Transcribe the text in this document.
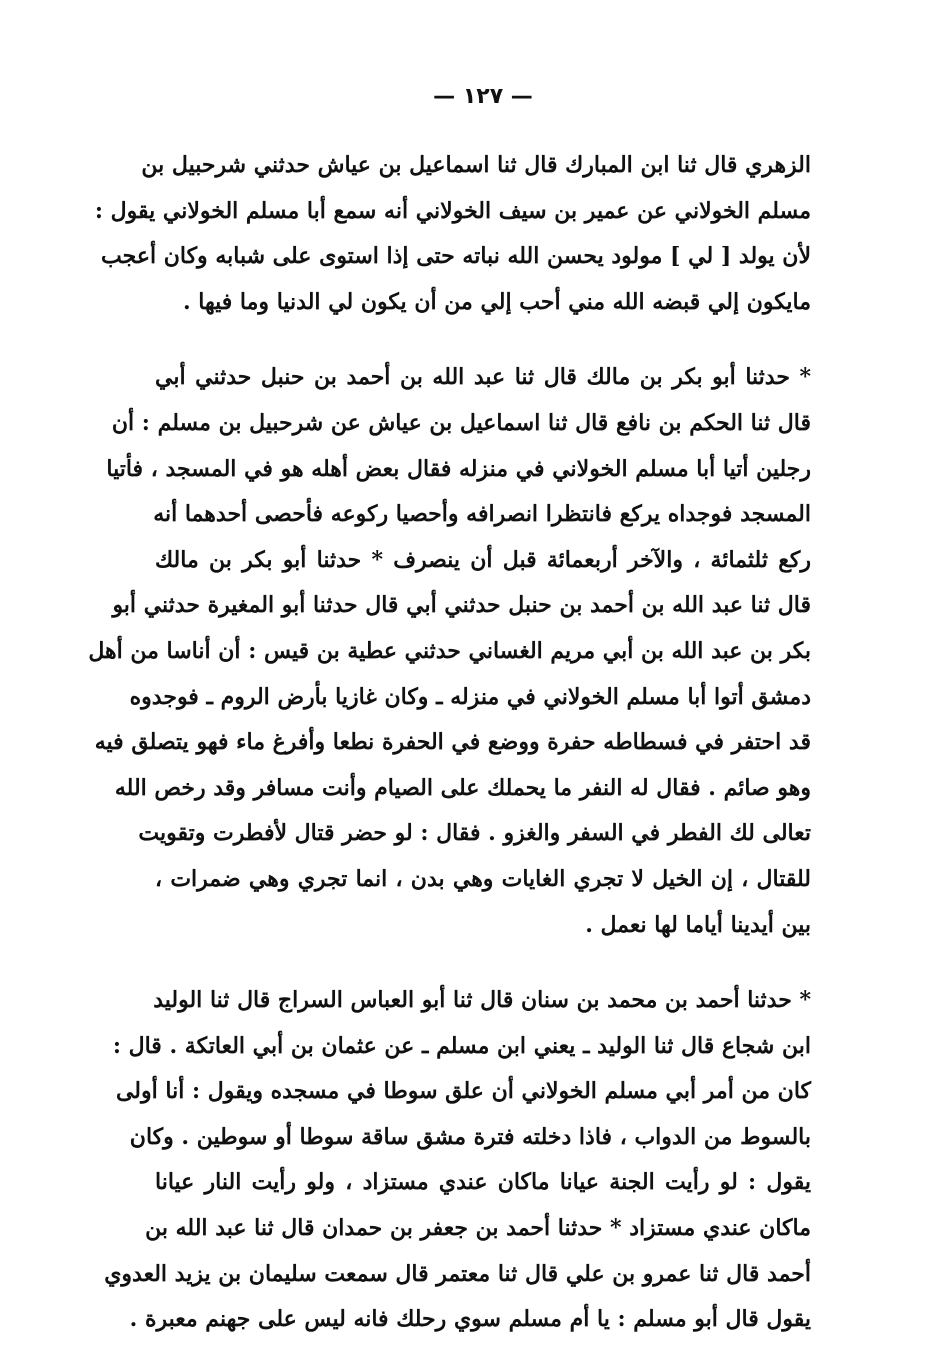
— ١٢٧ —
الزهري قال ثنا ابن المبارك قال ثنا اسماعيل بن عياش حدثني شرحبيل بن
مسلم الخولاني عن عمير بن سيف الخولاني أنه سمع أبا مسلم الخولاني يقول :
لأن يولد [ لي ] مولود يحسن الله نباته حتى إذا استوى على شبابه وكان أعجب
مايكون إلي قبضه الله مني أحب إلي من أن يكون لي الدنيا وما فيها .
* حدثنا أبو بكر بن مالك قال ثنا عبد الله بن أحمد بن حنبل حدثني أبي
قال ثنا الحكم بن نافع قال ثنا اسماعيل بن عياش عن شرحبيل بن مسلم : أن
رجلين أتيا أبا مسلم الخولاني في منزله فقال بعض أهله هو في المسجد ، فأتيا
المسجد فوجداه يركع فانتظرا انصرافه وأحصيا ركوعه فأحصى أحدهما أنه
ركع ثلثمائة ، والآخر أربعمائة قبل أن ينصرف * حدثنا أبو بكر بن مالك
قال ثنا عبد الله بن أحمد بن حنبل حدثني أبي قال حدثنا أبو المغيرة حدثني أبو
بكر بن عبد الله بن أبي مريم الغساني حدثني عطية بن قيس : أن أناسا من أهل
دمشق أتوا أبا مسلم الخولاني في منزله ـ وكان غازيا بأرض الروم ـ فوجدوه
قد احتفر في فسطاطه حفرة ووضع في الحفرة نطعا وأفرغ ماء فهو يتصلق فيه
وهو صائم . فقال له النفر ما يحملك على الصيام وأنت مسافر وقد رخص الله
تعالى لك الفطر في السفر والغزو . فقال : لو حضر قتال لأفطرت وتقويت
للقتال ، إن الخيل لا تجري الغايات وهي بدن ، انما تجري وهي ضمرات ،
بين أيدينا أياما لها نعمل .
* حدثنا أحمد بن محمد بن سنان قال ثنا أبو العباس السراج قال ثنا الوليد
ابن شجاع قال ثنا الوليد ـ يعني ابن مسلم ـ عن عثمان بن أبي العاتكة . قال :
كان من أمر أبي مسلم الخولاني أن علق سوطا في مسجده ويقول : أنا أولى
بالسوط من الدواب ، فاذا دخلته فترة مشق ساقة سوطا أو سوطين . وكان
يقول : لو رأيت الجنة عيانا ماكان عندي مستزاد ، ولو رأيت النار عيانا
ماكان عندي مستزاد * حدثنا أحمد بن جعفر بن حمدان قال ثنا عبد الله بن
أحمد قال ثنا عمرو بن علي قال ثنا معتمر قال سمعت سليمان بن يزيد العدوي
يقول قال أبو مسلم : يا أم مسلم سوي رحلك فانه ليس على جهنم معبرة .
